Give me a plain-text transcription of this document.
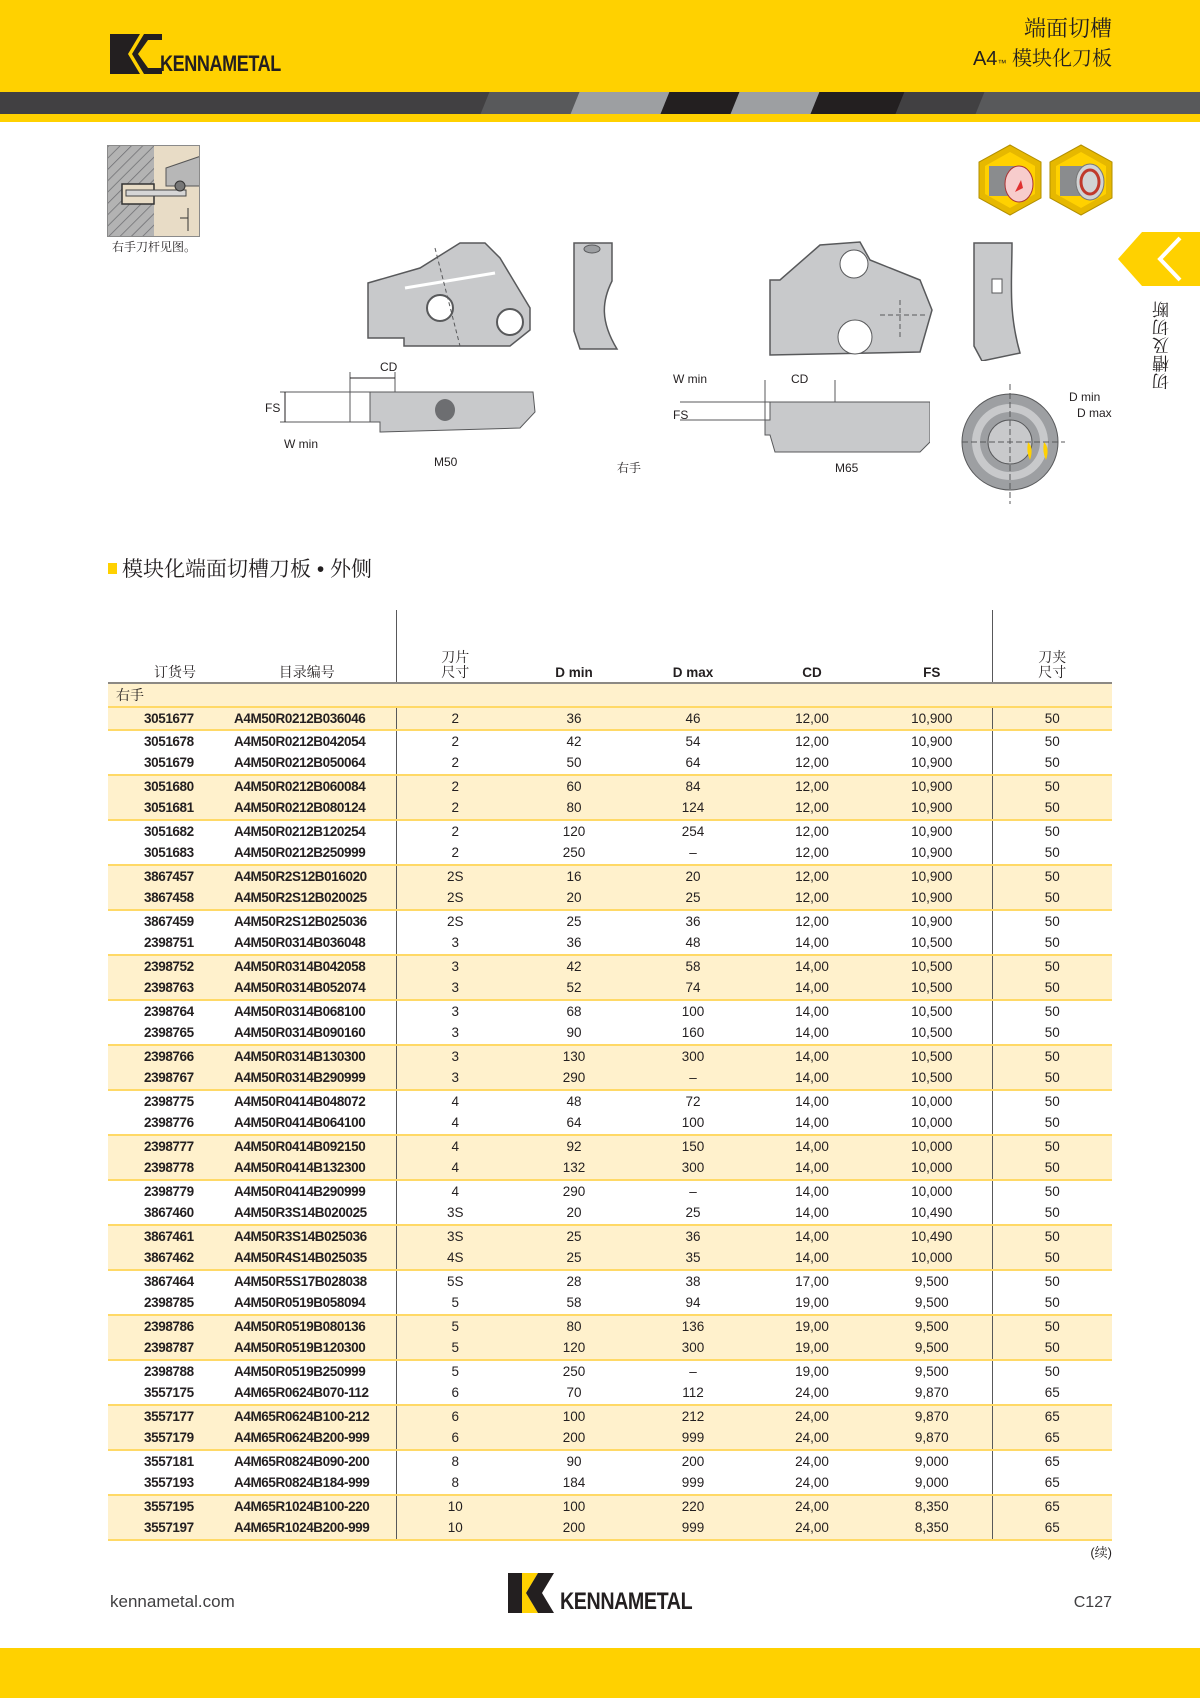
KENNAMETAL
端面切槽
A4™ 模块化刀板
右手刀杆见图。
CD
FS
W min
M50	右手
W min	CD
FS
M65
D min
D max
切槽及切断
模块化端面切槽刀板 • 外侧
订货号	目录编号	刀片
尺寸	D min	D max	CD	FS	刀夹
尺寸
右手							
3051677	A4M50R0212B036046	2	36	46	12,00	10,900	50
3051678	A4M50R0212B042054	2	42	54	12,00	10,900	50
3051679	A4M50R0212B050064	2	50	64	12,00	10,900	50
3051680	A4M50R0212B060084	2	60	84	12,00	10,900	50
3051681	A4M50R0212B080124	2	80	124	12,00	10,900	50
3051682	A4M50R0212B120254	2	120	254	12,00	10,900	50
3051683	A4M50R0212B250999	2	250	–	12,00	10,900	50
3867457	A4M50R2S12B016020	2S	16	20	12,00	10,900	50
3867458	A4M50R2S12B020025	2S	20	25	12,00	10,900	50
3867459	A4M50R2S12B025036	2S	25	36	12,00	10,900	50
2398751	A4M50R0314B036048	3	36	48	14,00	10,500	50
2398752	A4M50R0314B042058	3	42	58	14,00	10,500	50
2398763	A4M50R0314B052074	3	52	74	14,00	10,500	50
2398764	A4M50R0314B068100	3	68	100	14,00	10,500	50
2398765	A4M50R0314B090160	3	90	160	14,00	10,500	50
2398766	A4M50R0314B130300	3	130	300	14,00	10,500	50
2398767	A4M50R0314B290999	3	290	–	14,00	10,500	50
2398775	A4M50R0414B048072	4	48	72	14,00	10,000	50
2398776	A4M50R0414B064100	4	64	100	14,00	10,000	50
2398777	A4M50R0414B092150	4	92	150	14,00	10,000	50
2398778	A4M50R0414B132300	4	132	300	14,00	10,000	50
2398779	A4M50R0414B290999	4	290	–	14,00	10,000	50
3867460	A4M50R3S14B020025	3S	20	25	14,00	10,490	50
3867461	A4M50R3S14B025036	3S	25	36	14,00	10,490	50
3867462	A4M50R4S14B025035	4S	25	35	14,00	10,000	50
3867464	A4M50R5S17B028038	5S	28	38	17,00	9,500	50
2398785	A4M50R0519B058094	5	58	94	19,00	9,500	50
2398786	A4M50R0519B080136	5	80	136	19,00	9,500	50
2398787	A4M50R0519B120300	5	120	300	19,00	9,500	50
2398788	A4M50R0519B250999	5	250	–	19,00	9,500	50
3557175	A4M65R0624B070-112	6	70	112	24,00	9,870	65
3557177	A4M65R0624B100-212	6	100	212	24,00	9,870	65
3557179	A4M65R0624B200-999	6	200	999	24,00	9,870	65
3557181	A4M65R0824B090-200	8	90	200	24,00	9,000	65
3557193	A4M65R0824B184-999	8	184	999	24,00	9,000	65
3557195	A4M65R1024B100-220	10	100	220	24,00	8,350	65
3557197	A4M65R1024B200-999	10	200	999	24,00	8,350	65
(续)
kennametal.com	KENNAMETAL	C127
